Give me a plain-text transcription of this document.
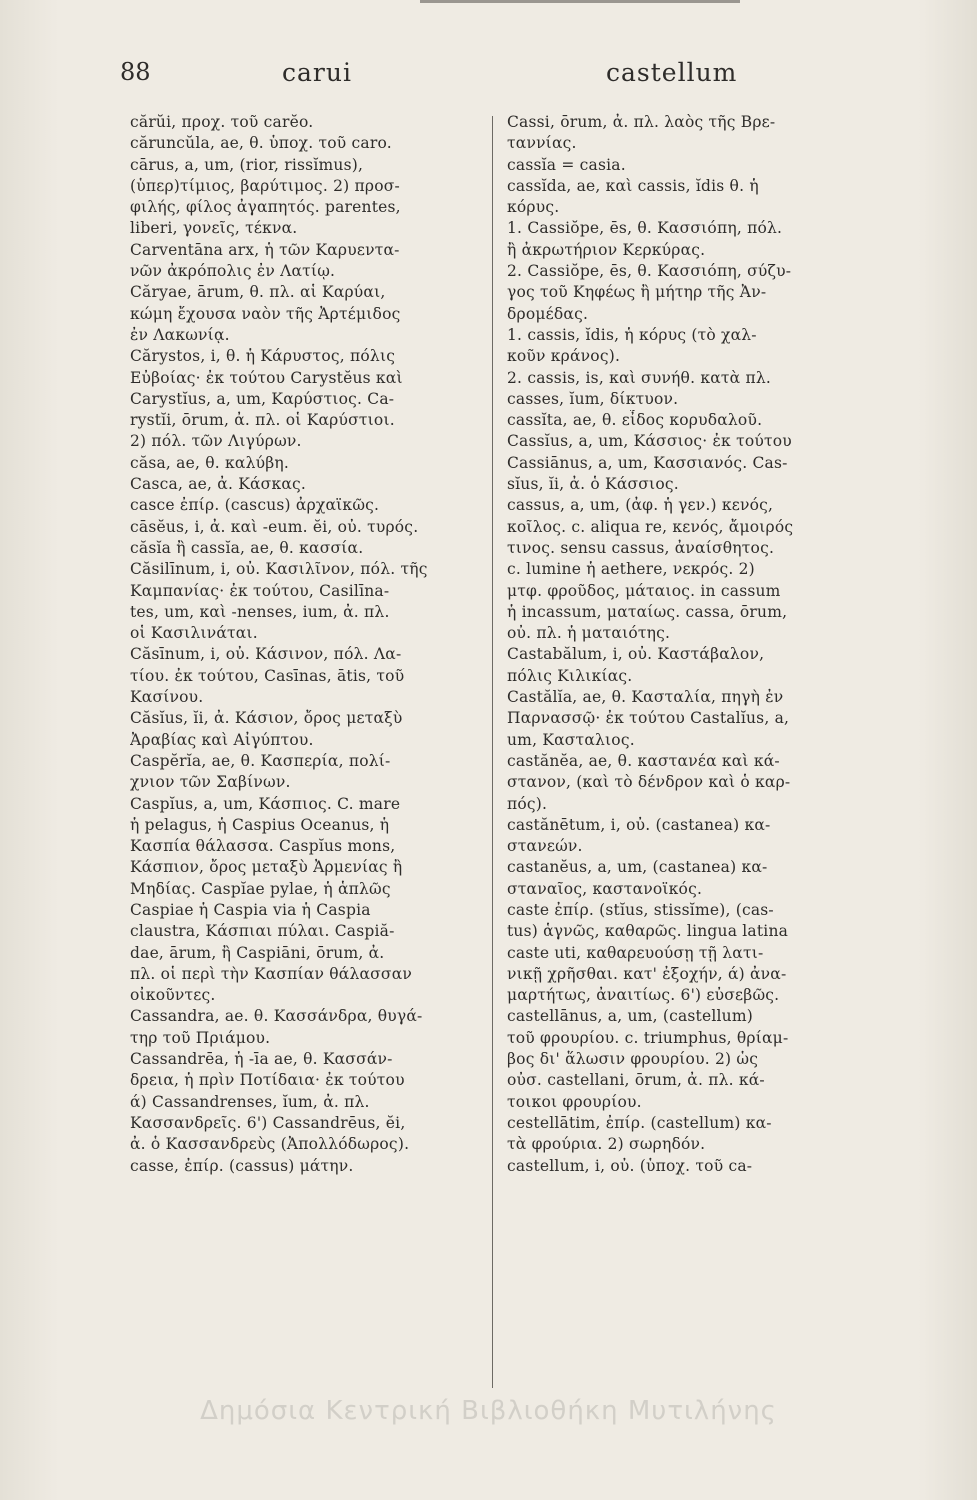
88	carui	castellum
cărŭi, προχ. τοῦ carĕo.
cărunсŭla, ae, θ. ὑποχ. τοῦ caro.
cārus, a, um, (rior, rissĭmus),
(ὑπερ)τίμιος, βαρύτιμος. 2) προσ-
φιλής, φίλος ἀγαπητός. parentes,
liberi, γονεῖς, τέκνα.
Carventāna arx, ἡ τῶν Καρυεντα-
νῶν ἀκρόπολις ἐν Λατίῳ.
Căryae, ārum, θ. πλ. αἱ Καρύαι,
κώμη ἔχουσα ναὸν τῆς Ἀρτέμιδος
ἐν Λακωνίᾳ.
Cărystos, i, θ. ἡ Κάρυστος, πόλις
Εὐβοίας· ἐκ τούτου Carystĕus καὶ
Carystĭus, a, um, Καρύστιος. Ca-
rystĭi, ōrum, ἀ. πλ. οἱ Καρύστιοι.
2) πόλ. τῶν Λιγύρων.
căsa, ae, θ. καλύβη.
Casca, ae, ἀ. Κάσκας.
casce ἐπίρ. (cascus) ἀρχαϊκῶς.
cāsĕus, i, ἀ. καὶ -eum. ĕi, οὐ. τυρός.
căsĭa ἢ cassĭa, ae, θ. κασσία.
Căsilīnum, i, οὐ. Κασιλῖνον, πόλ. τῆς
Καμπανίας· ἐκ τούτου, Casilīna-
tes, um, καὶ -nenses, ium, ἀ. πλ.
οἱ Κασιλινάται.
Căsīnum, i, οὐ. Κάσινον, πόλ. Λα-
τίου. ἐκ τούτου, Casīnas, ātis, τοῦ
Κασίνου.
Căsĭus, ĭi, ἀ. Κάσιον, ὄρος μεταξὺ
Ἀραβίας καὶ Αἰγύπτου.
Caspĕrĭa, ae, θ. Κασπερία, πολί-
χνιον τῶν Σαβίνων.
Caspĭus, a, um, Κάσπιος. C. mare
ἡ pelagus, ἡ Caspius Oceanus, ἡ
Κασπία θάλασσα. Caspĭus mons,
Κάσπιον, ὄρος μεταξὺ Ἀρμενίας ἢ
Μηδίας. Caspĭae pylae, ἡ ἁπλῶς
Caspiae ἡ Caspia via ἡ Caspia
claustra, Κάσπιαι πύλαι. Caspiă-
dae, ārum, ἢ Caspiāni, ōrum, ἀ.
πλ. οἱ περὶ τὴν Κασπίαν θάλασσαν
οἰκοῦντες.
Cassandra, ae. θ. Κασσάνδρα, θυγά-
τηρ τοῦ Πριάμου.
Cassandrēa, ἡ -īa ae, θ. Κασσάν-
δρεια, ἡ πρὶν Ποτίδαια· ἐκ τούτου
ά) Cassandrenses, ĭum, ἀ. πλ.
Κασσανδρεῖς. 6') Cassandrēus, ĕi,
ἀ. ὁ Κασσανδρεὺς (Ἀπολλόδωρος).
casse, ἐπίρ. (cassus) μάτην.
Cassi, ōrum, ἀ. πλ. λαὸς τῆς Βρε-
ταννίας.
cassĭa = casia.
cassĭda, ae, καὶ cassis, ĭdis θ. ἡ
κόρυς.
1. Cassiŏpe, ēs, θ. Κασσιόπη, πόλ.
ἢ ἀκρωτήριον Κερκύρας.
2. Cassiŏpe, ēs, θ. Κασσιόπη, σύζυ-
γος τοῦ Κηφέως ἢ μήτηρ τῆς Ἀν-
δρομέδας.
1. cassis, ĭdis, ἡ κόρυς (τὸ χαλ-
κοῦν κράνος).
2. cassis, is, καὶ συνήθ. κατὰ πλ.
casses, ĭum, δίκτυον.
cassĭta, ae, θ. εἶδος κορυδαλοῦ.
Cassĭus, a, um, Κάσσιος· ἐκ τούτου
Cassiānus, a, um, Κασσιανός. Cas-
sĭus, ĭi, ἀ. ὁ Κάσσιος.
cassus, a, um, (ἀφ. ἡ γεν.) κενός,
κοῖλος. c. aliqua re, κενός, ἄμοιρός
τινος. sensu cassus, ἀναίσθητος.
c. lumine ἡ aethere, νεκρός. 2)
μτφ. φροῦδος, μάταιος. in cassum
ἡ incassum, ματαίως. cassa, ōrum,
οὐ. πλ. ἡ ματαιότης.
Castabălum, i, οὐ. Καστάβαλον,
πόλις Κιλικίας.
Castălĭa, ae, θ. Κασταλία, πηγὴ ἐν
Παρνασσῷ· ἐκ τούτου Castalĭus, a,
um, Κασταλιος.
castănĕa, ae, θ. καστανέα καὶ κά-
στανον, (καὶ τὸ δένδρον καὶ ὁ καρ-
πός).
castănētum, i, οὐ. (castanea) κα-
στανεών.
castanĕus, a, um, (castanea) κα-
σταναῖος, καστανοϊκός.
caste ἐπίρ. (stĭus, stissĭme), (cas-
tus) ἁγνῶς, καθαρῶς. lingua latina
caste uti, καθαρευούσῃ τῇ λατι-
νικῇ χρῆσθαι. κατ' ἐξοχήν, ά) ἀνα-
μαρτήτως, ἀναιτίως. 6') εὐσεβῶς.
castellānus, a, um, (castellum)
τοῦ φρουρίου. c. triumphus, θρίαμ-
βος δι' ἅλωσιν φρουρίου. 2) ὡς
οὐσ. castellani, ōrum, ἀ. πλ. κά-
τοικοι φρουρίου.
cestellātim, ἐπίρ. (castellum) κα-
τὰ φρούρια. 2) σωρηδόν.
castellum, i, οὐ. (ὑποχ. τοῦ ca-
Δημόσια Κεντρική Βιβλιοθήκη Μυτιλήνης
